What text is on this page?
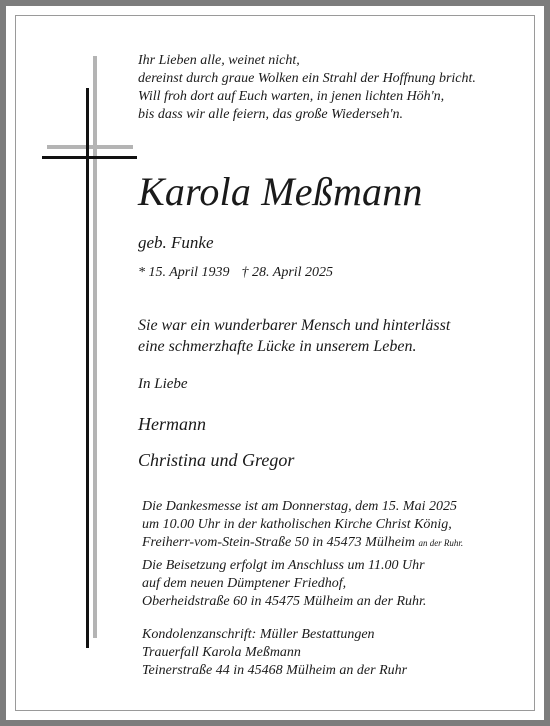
Ihr Lieben alle, weinet nicht,
dereinst durch graue Wolken ein Strahl der Hoffnung bricht.
Will froh dort auf Euch warten, in jenen lichten Höh'n,
bis dass wir alle feiern, das große Wiederseh'n.
Karola Meßmann
geb. Funke
* 15. April 1939 † 28. April 2025
Sie war ein wunderbarer Mensch und hinterlässt
eine schmerzhafte Lücke in unserem Leben.
In Liebe
Hermann
Christina und Gregor
Die Dankesmesse ist am Donnerstag, dem 15. Mai 2025
um 10.00 Uhr in der katholischen Kirche Christ König,
Freiherr-vom-Stein-Straße 50 in 45473 Mülheim an der Ruhr.
Die Beisetzung erfolgt im Anschluss um 11.00 Uhr
auf dem neuen Dümptener Friedhof,
Oberheidstraße 60 in 45475 Mülheim an der Ruhr.
Kondolenzanschrift: Müller Bestattungen
Trauerfall Karola Meßmann
Teinerstraße 44 in 45468 Mülheim an der Ruhr
